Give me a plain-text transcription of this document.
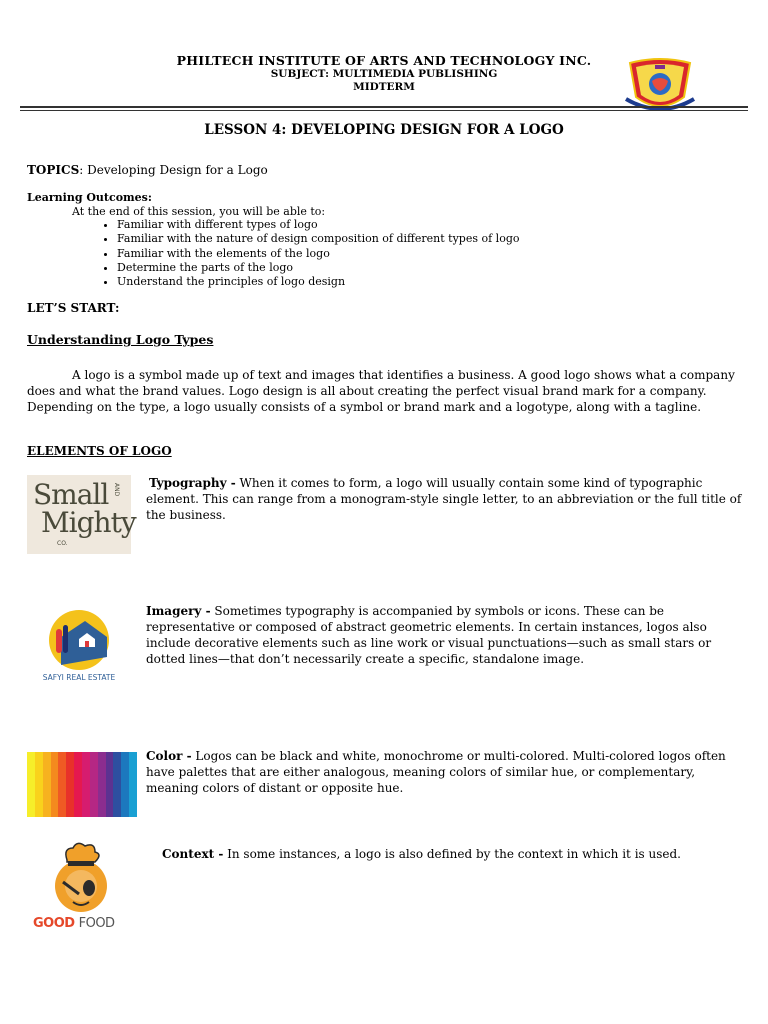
PHILTECH INSTITUTE OF ARTS AND TECHNOLOGY INC.
SUBJECT: MULTIMEDIA PUBLISHING
MIDTERM
LESSON 4: DEVELOPING DESIGN FOR A LOGO
TOPICS: Developing Design for a Logo
Learning Outcomes:
At the end of this session, you will be able to:
• Familiar with different types of logo
• Familiar with the nature of design composition of different types of logo
• Familiar with the elements of the logo
• Determine the parts of the logo
• Understand the principles of logo design
LET’S START:
Understanding Logo Types
A logo is a symbol made up of text and images that identifies a business. A good logo shows what a company does and what the brand values. Logo design is all about creating the perfect visual brand mark for a company. Depending on the type, a logo usually consists of a symbol or brand mark and a logotype, along with a tagline.
ELEMENTS OF LOGO
Small
Mighty
AND
CO.
Typography - When it comes to form, a logo will usually contain some kind of typographic element. This can range from a monogram-style single letter, to an abbreviation or the full title of the business.
SAFYI REAL ESTATE
Imagery - Sometimes typography is accompanied by symbols or icons. These can be representative or composed of abstract geometric elements. In certain instances, logos also include decorative elements such as line work or visual punctuations—such as small stars or dotted lines—that don’t necessarily create a specific, standalone image.
Color - Logos can be black and white, monochrome or multi-colored. Multi-colored logos often have palettes that are either analogous, meaning colors of similar hue, or complementary, meaning colors of distant or opposite hue.
GOOD FOOD
Context - In some instances, a logo is also defined by the context in which it is used.
